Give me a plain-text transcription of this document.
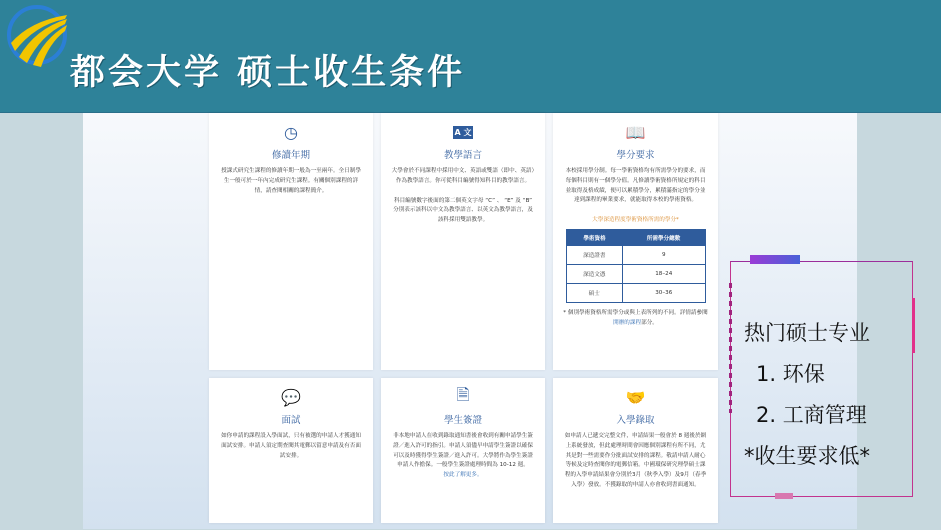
都会大学 硕士收生条件
◷
修讀年期

授課式研究生課程的修讀年期一般為一至兩年。全日制學生一般可於一年內完成研究生課程。有關個別課程的詳情，請查閱相關的課程簡介。

A 文
教學語言

大學會於不同課程中採用中文、英語或雙語（即中、英語）作為教學語言。你可從科目編號得知科目的教學語言。

科目編號數字後面的第二個英文字母 “C” 、 “E” 及 “B” 分別表示該科以中文為教學語言、以英文為教學語言，及該科採用雙語教學。

📖
學分要求

本校採用學分制。每一學術資格均有所需學分的要求，而每個科目則有一個學分值。凡修讀學術資格所規定的科目並取得及格成績，便可以累積學分，累積滿指定的學分並達到課程的畢業要求，就能取得本校的學術資格。

大學深造程度學術資格所需的學分*
學術資格	所需學分總數
深造證書	9
深造文憑	18–24
碩士	30–36

* 個別學術資格所需學分或與上表所列的不同。詳情請參閱開辦的課程部分。

💬
面試

如你申請的課程設入學面試，只有被選的申請人才獲通知面試安排。申請人須定期查閱其電郵以留意申請及有否面試安排。

🗎
學生簽證

非本地申請人在收到錄取通知書後會收到有關申請學生簽證／進入許可的指引。申請人須儘早申請學生簽證以確保可以及時獲得學生簽證／進入許可。大學將作為學生簽證申請人作擔保。一般學生簽證處理時間為 10-12 週。

按此了解更多。

🤝
入學錄取

如申請人已遞交完整文件，申請結果一般會於 8 週後於網上系統發放，但此處理時間會因應個別課程有所不同，尤其是對一些需要作分批面試安排的課程。敬請申請人耐心等候及定時查閱你的電郵信箱。中國環保研究理學碩士課程的入學申請結果會分別於3月（秋季入學）及9月（春季入學）發放。不獲錄取的申請人亦會收到書面通知。

热门硕士专业
1. 环保
2. 工商管理
*收生要求低*
